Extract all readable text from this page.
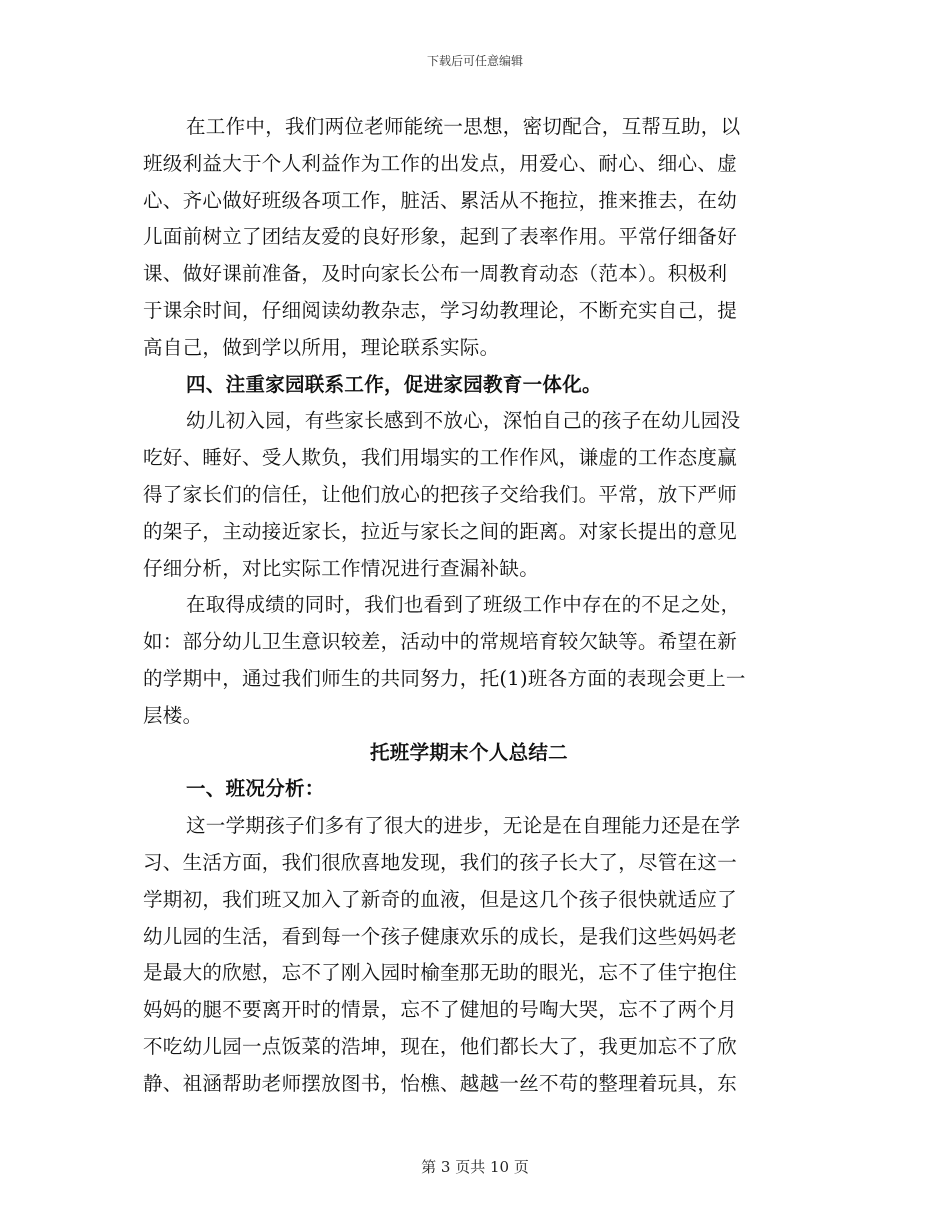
下载后可任意编辑
在工作中，我们两位老师能统一思想，密切配合，互帮互助，以
班级利益大于个人利益作为工作的出发点，用爱心、耐心、细心、虚
心、齐心做好班级各项工作，脏活、累活从不拖拉，推来推去，在幼
儿面前树立了团结友爱的良好形象，起到了表率作用。平常仔细备好
课、做好课前准备，及时向家长公布一周教育动态（范本）。积极利
于课余时间，仔细阅读幼教杂志，学习幼教理论，不断充实自己，提
高自己，做到学以所用，理论联系实际。
四、注重家园联系工作，促进家园教育一体化。
幼儿初入园，有些家长感到不放心，深怕自己的孩子在幼儿园没
吃好、睡好、受人欺负，我们用塌实的工作作风，谦虚的工作态度赢
得了家长们的信任，让他们放心的把孩子交给我们。平常，放下严师
的架子，主动接近家长，拉近与家长之间的距离。对家长提出的意见
仔细分析，对比实际工作情况进行查漏补缺。
在取得成绩的同时，我们也看到了班级工作中存在的不足之处，
如：部分幼儿卫生意识较差，活动中的常规培育较欠缺等。希望在新
的学期中，通过我们师生的共同努力，托(1)班各方面的表现会更上一
层楼。
托班学期末个人总结二
一、班况分析：
这一学期孩子们多有了很大的进步，无论是在自理能力还是在学
习、生活方面，我们很欣喜地发现，我们的孩子长大了，尽管在这一
学期初，我们班又加入了新奇的血液，但是这几个孩子很快就适应了
幼儿园的生活，看到每一个孩子健康欢乐的成长，是我们这些妈妈老
是最大的欣慰，忘不了刚入园时榆奎那无助的眼光，忘不了佳宁抱住
妈妈的腿不要离开时的情景，忘不了健旭的号啕大哭，忘不了两个月
不吃幼儿园一点饭菜的浩坤，现在，他们都长大了，我更加忘不了欣
静、祖涵帮助老师摆放图书，怡樵、越越一丝不苟的整理着玩具，东
第 3 页共 10 页
